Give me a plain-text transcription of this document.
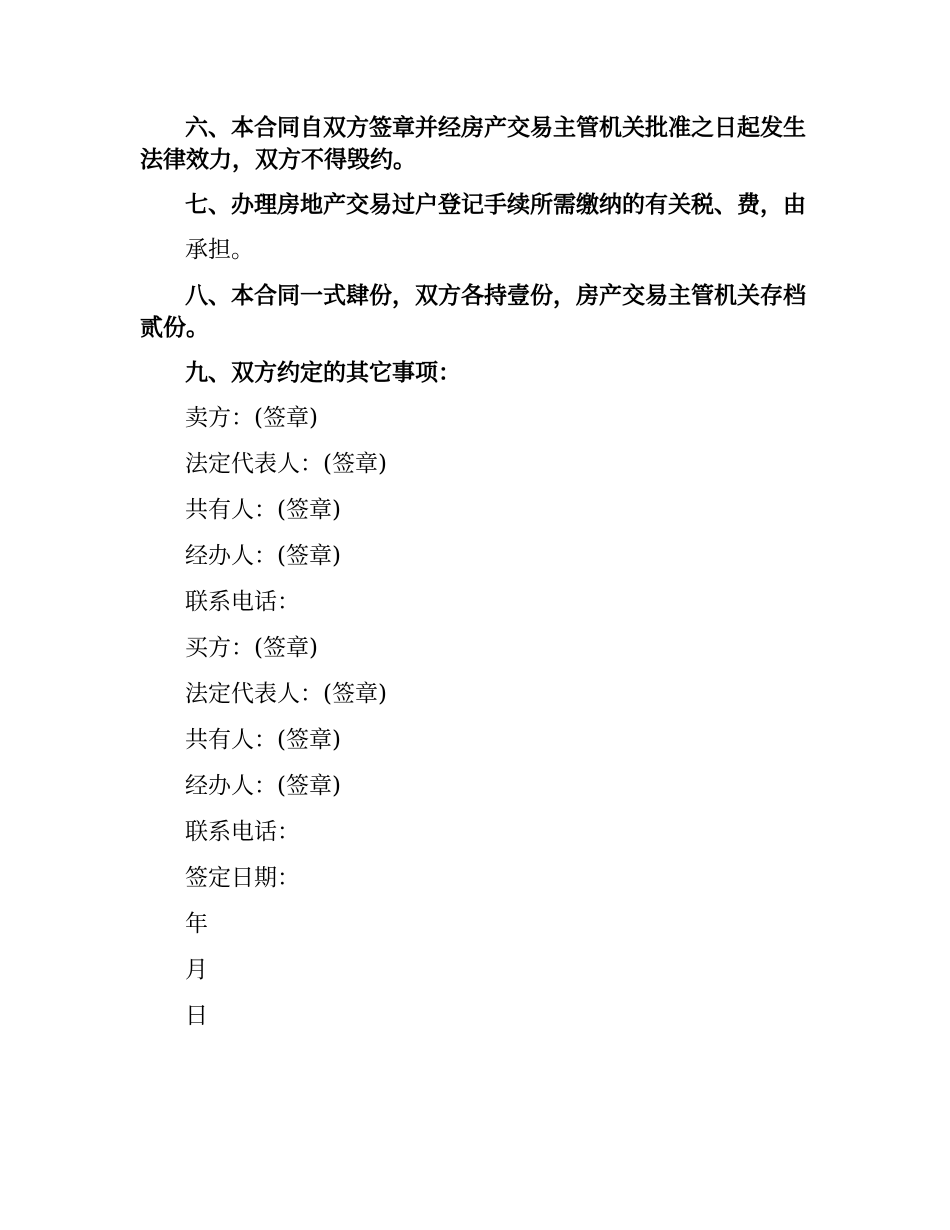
六、本合同自双方签章并经房产交易主管机关批准之日起发生法律效力，双方不得毁约。

七、办理房地产交易过户登记手续所需缴纳的有关税、费，由

承担。

八、本合同一式肆份，双方各持壹份，房产交易主管机关存档贰份。

九、双方约定的其它事项：

卖方：(签章)

法定代表人：(签章)

共有人：(签章)

经办人：(签章)

联系电话：

买方：(签章)

法定代表人：(签章)

共有人：(签章)

经办人：(签章)

联系电话：

签定日期：

年

月

日
